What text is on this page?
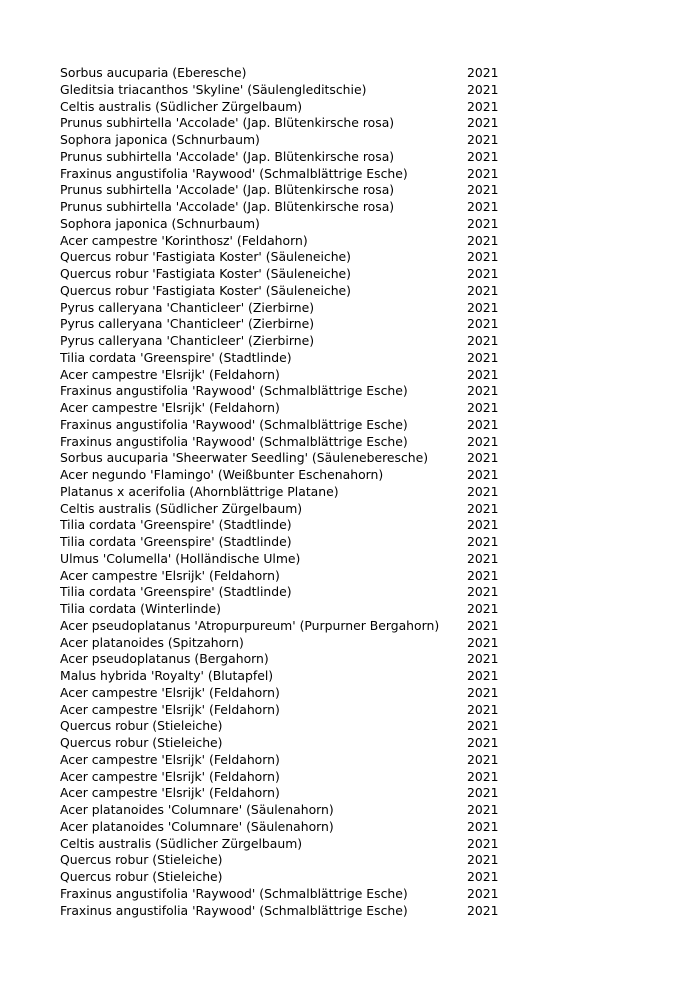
Sorbus aucuparia (Eberesche)	2021
Gleditsia triacanthos 'Skyline' (Säulengleditschie)	2021
Celtis australis (Südlicher Zürgelbaum)	2021
Prunus subhirtella 'Accolade' (Jap. Blütenkirsche rosa)	2021
Sophora japonica (Schnurbaum)	2021
Prunus subhirtella 'Accolade' (Jap. Blütenkirsche rosa)	2021
Fraxinus angustifolia 'Raywood' (Schmalblättrige Esche)	2021
Prunus subhirtella 'Accolade' (Jap. Blütenkirsche rosa)	2021
Prunus subhirtella 'Accolade' (Jap. Blütenkirsche rosa)	2021
Sophora japonica (Schnurbaum)	2021
Acer campestre 'Korinthosz' (Feldahorn)	2021
Quercus robur 'Fastigiata Koster' (Säuleneiche)	2021
Quercus robur 'Fastigiata Koster' (Säuleneiche)	2021
Quercus robur 'Fastigiata Koster' (Säuleneiche)	2021
Pyrus calleryana 'Chanticleer' (Zierbirne)	2021
Pyrus calleryana 'Chanticleer' (Zierbirne)	2021
Pyrus calleryana 'Chanticleer' (Zierbirne)	2021
Tilia cordata 'Greenspire' (Stadtlinde)	2021
Acer campestre 'Elsrijk' (Feldahorn)	2021
Fraxinus angustifolia 'Raywood' (Schmalblättrige Esche)	2021
Acer campestre 'Elsrijk' (Feldahorn)	2021
Fraxinus angustifolia 'Raywood' (Schmalblättrige Esche)	2021
Fraxinus angustifolia 'Raywood' (Schmalblättrige Esche)	2021
Sorbus aucuparia 'Sheerwater Seedling' (Säuleneberesche)	2021
Acer negundo 'Flamingo' (Weißbunter Eschenahorn)	2021
Platanus x acerifolia (Ahornblättrige Platane)	2021
Celtis australis (Südlicher Zürgelbaum)	2021
Tilia cordata 'Greenspire' (Stadtlinde)	2021
Tilia cordata 'Greenspire' (Stadtlinde)	2021
Ulmus 'Columella' (Holländische Ulme)	2021
Acer campestre 'Elsrijk' (Feldahorn)	2021
Tilia cordata 'Greenspire' (Stadtlinde)	2021
Tilia cordata (Winterlinde)	2021
Acer pseudoplatanus 'Atropurpureum' (Purpurner Bergahorn)	2021
Acer platanoides (Spitzahorn)	2021
Acer pseudoplatanus (Bergahorn)	2021
Malus hybrida 'Royalty' (Blutapfel)	2021
Acer campestre 'Elsrijk' (Feldahorn)	2021
Acer campestre 'Elsrijk' (Feldahorn)	2021
Quercus robur (Stieleiche)	2021
Quercus robur (Stieleiche)	2021
Acer campestre 'Elsrijk' (Feldahorn)	2021
Acer campestre 'Elsrijk' (Feldahorn)	2021
Acer campestre 'Elsrijk' (Feldahorn)	2021
Acer platanoides 'Columnare' (Säulenahorn)	2021
Acer platanoides 'Columnare' (Säulenahorn)	2021
Celtis australis (Südlicher Zürgelbaum)	2021
Quercus robur (Stieleiche)	2021
Quercus robur (Stieleiche)	2021
Fraxinus angustifolia 'Raywood' (Schmalblättrige Esche)	2021
Fraxinus angustifolia 'Raywood' (Schmalblättrige Esche)	2021
